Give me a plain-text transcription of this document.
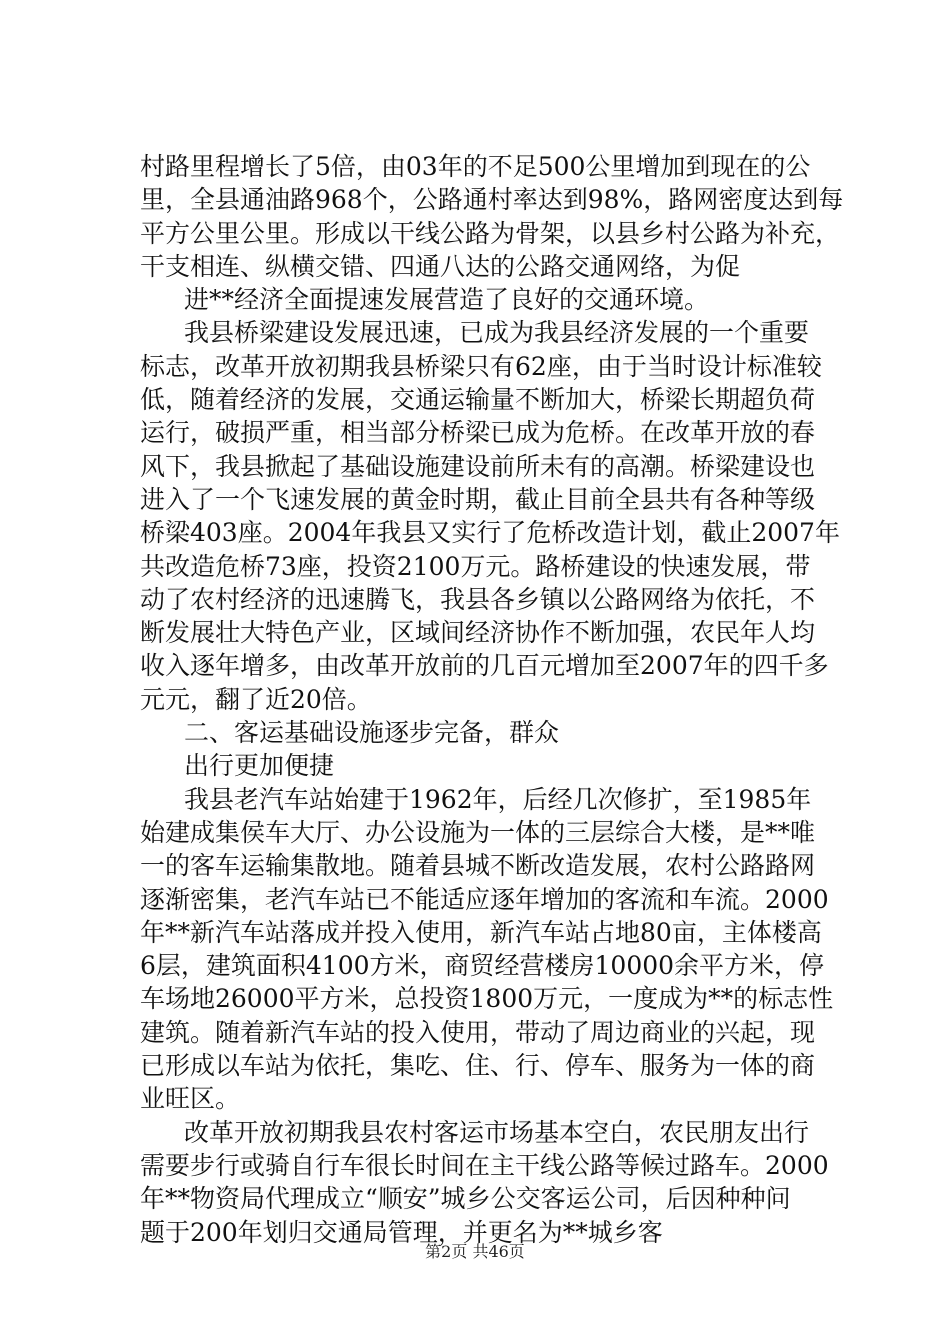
村路里程增长了5倍，由03年的不足500公里增加到现在的公
里，全县通油路968个，公路通村率达到98%，路网密度达到每
平方公里公里。形成以干线公路为骨架，以县乡村公路为补充，
干支相连、纵横交错、四通八达的公路交通网络，为促
进**经济全面提速发展营造了良好的交通环境。
我县桥梁建设发展迅速，已成为我县经济发展的一个重要
标志，改革开放初期我县桥梁只有62座，由于当时设计标准较
低，随着经济的发展，交通运输量不断加大，桥梁长期超负荷
运行，破损严重，相当部分桥梁已成为危桥。在改革开放的春
风下，我县掀起了基础设施建设前所未有的高潮。桥梁建设也
进入了一个飞速发展的黄金时期，截止目前全县共有各种等级
桥梁403座。2004年我县又实行了危桥改造计划，截止2007年
共改造危桥73座，投资2100万元。路桥建设的快速发展，带
动了农村经济的迅速腾飞，我县各乡镇以公路网络为依托，不
断发展壮大特色产业，区域间经济协作不断加强，农民年人均
收入逐年增多，由改革开放前的几百元增加至2007年的四千多
元元，翻了近20倍。
二、客运基础设施逐步完备，群众
出行更加便捷
我县老汽车站始建于1962年，后经几次修扩，至1985年
始建成集侯车大厅、办公设施为一体的三层综合大楼，是**唯
一的客车运输集散地。随着县城不断改造发展，农村公路路网
逐渐密集，老汽车站已不能适应逐年增加的客流和车流。2000
年**新汽车站落成并投入使用，新汽车站占地80亩，主体楼高
6层，建筑面积4100方米，商贸经营楼房10000余平方米，停
车场地26000平方米，总投资1800万元，一度成为**的标志性
建筑。随着新汽车站的投入使用，带动了周边商业的兴起，现
已形成以车站为依托，集吃、住、行、停车、服务为一体的商
业旺区。
改革开放初期我县农村客运市场基本空白，农民朋友出行
需要步行或骑自行车很长时间在主干线公路等候过路车。2000
年**物资局代理成立“顺安”城乡公交客运公司，后因种种问
题于200年划归交通局管理，并更名为**城乡客
第2页 共46页
